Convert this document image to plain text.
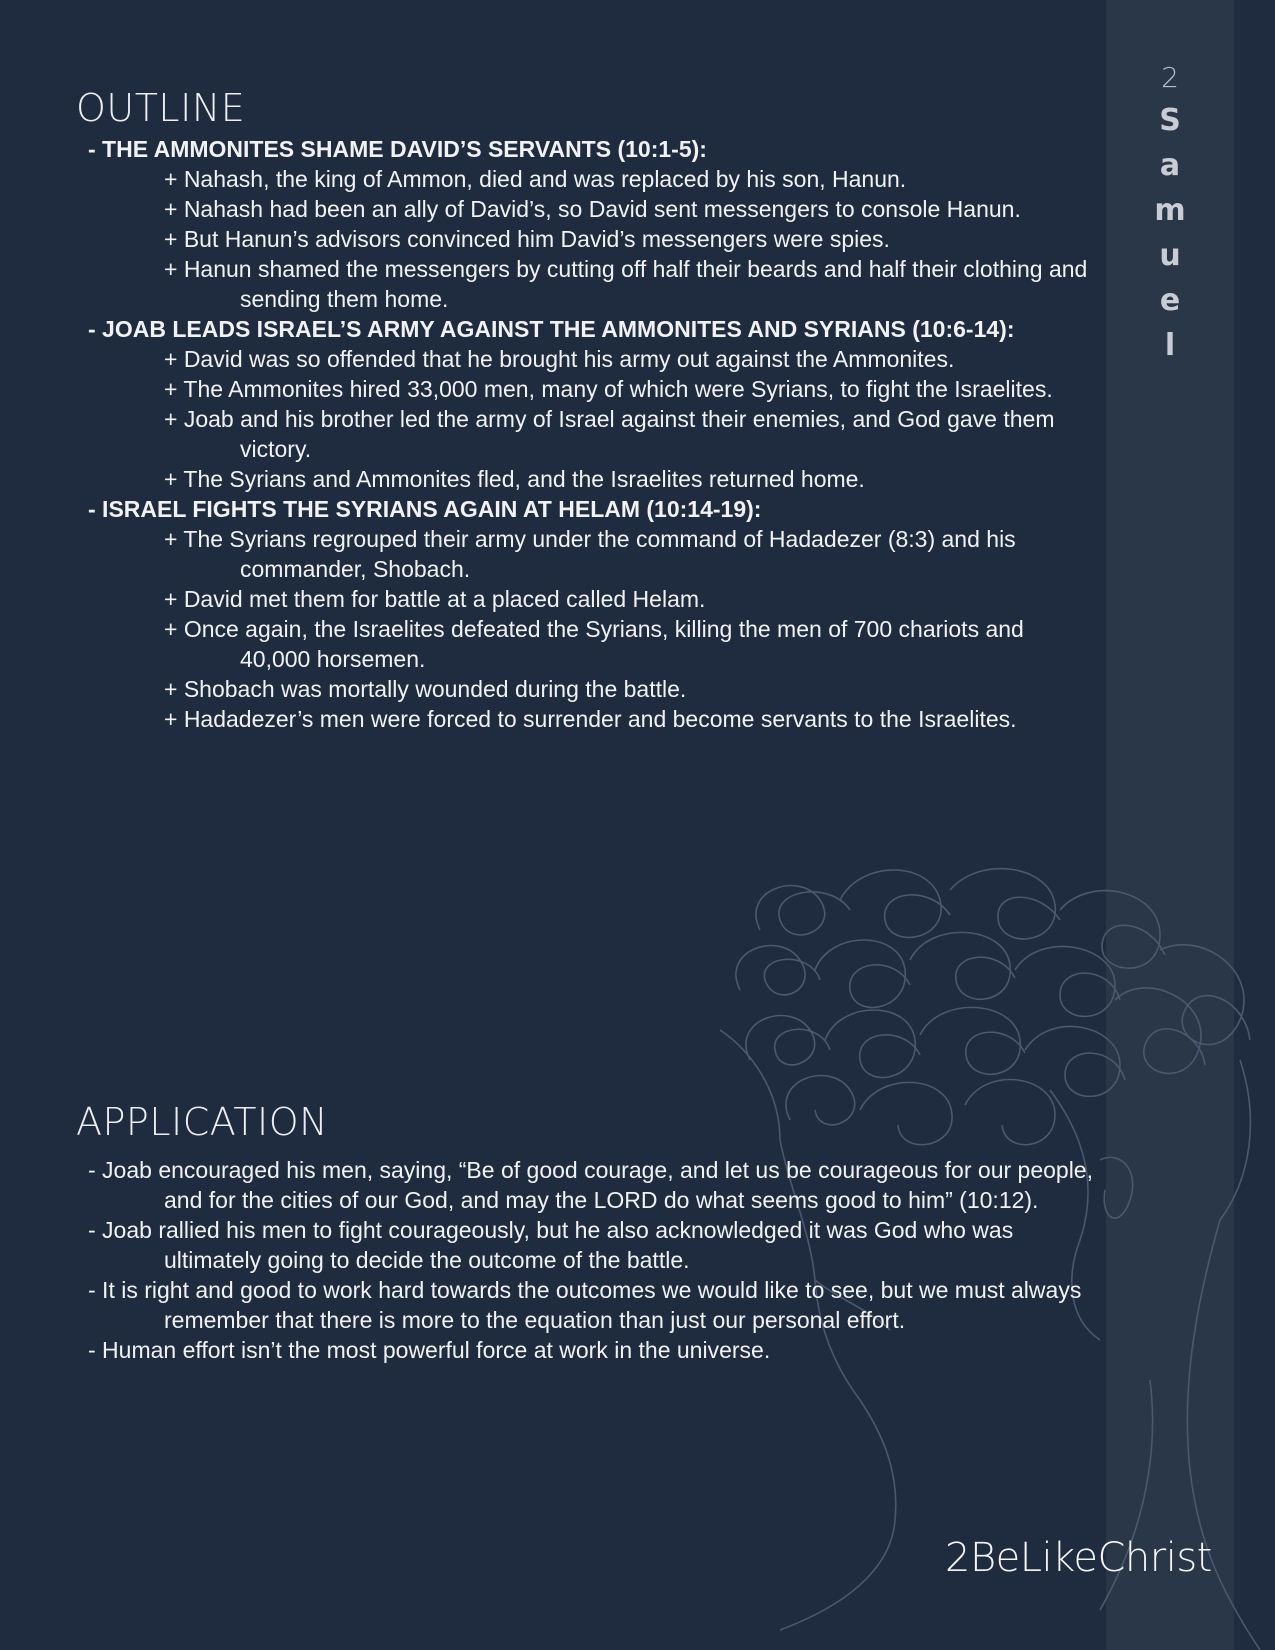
2
S
a
m
u
e
l
OUTLINE
- THE AMMONITES SHAME DAVID’S SERVANTS (10:1-5):
+ Nahash, the king of Ammon, died and was replaced by his son, Hanun.
+ Nahash had been an ally of David’s, so David sent messengers to console Hanun.
+ But Hanun’s advisors convinced him David’s messengers were spies.
+ Hanun shamed the messengers by cutting off half their beards and half their clothing and sending them home.
- JOAB LEADS ISRAEL’S ARMY AGAINST THE AMMONITES AND SYRIANS (10:6-14):
+ David was so offended that he brought his army out against the Ammonites.
+ The Ammonites hired 33,000 men, many of which were Syrians, to fight the Israelites.
+ Joab and his brother led the army of Israel against their enemies, and God gave them victory.
+ The Syrians and Ammonites fled, and the Israelites returned home.
- ISRAEL FIGHTS THE SYRIANS AGAIN AT HELAM (10:14-19):
+ The Syrians regrouped their army under the command of Hadadezer (8:3) and his commander, Shobach.
+ David met them for battle at a placed called Helam.
+ Once again, the Israelites defeated the Syrians, killing the men of 700 chariots and 40,000 horsemen.
+ Shobach was mortally wounded during the battle.
+ Hadadezer’s men were forced to surrender and become servants to the Israelites.
APPLICATION
- Joab encouraged his men, saying, “Be of good courage, and let us be courageous for our people, and for the cities of our God, and may the LORD do what seems good to him” (10:12).
- Joab rallied his men to fight courageously, but he also acknowledged it was God who was ultimately going to decide the outcome of the battle.
- It is right and good to work hard towards the outcomes we would like to see, but we must always remember that there is more to the equation than just our personal effort.
- Human effort isn’t the most powerful force at work in the universe.
2BeLikeChrist
